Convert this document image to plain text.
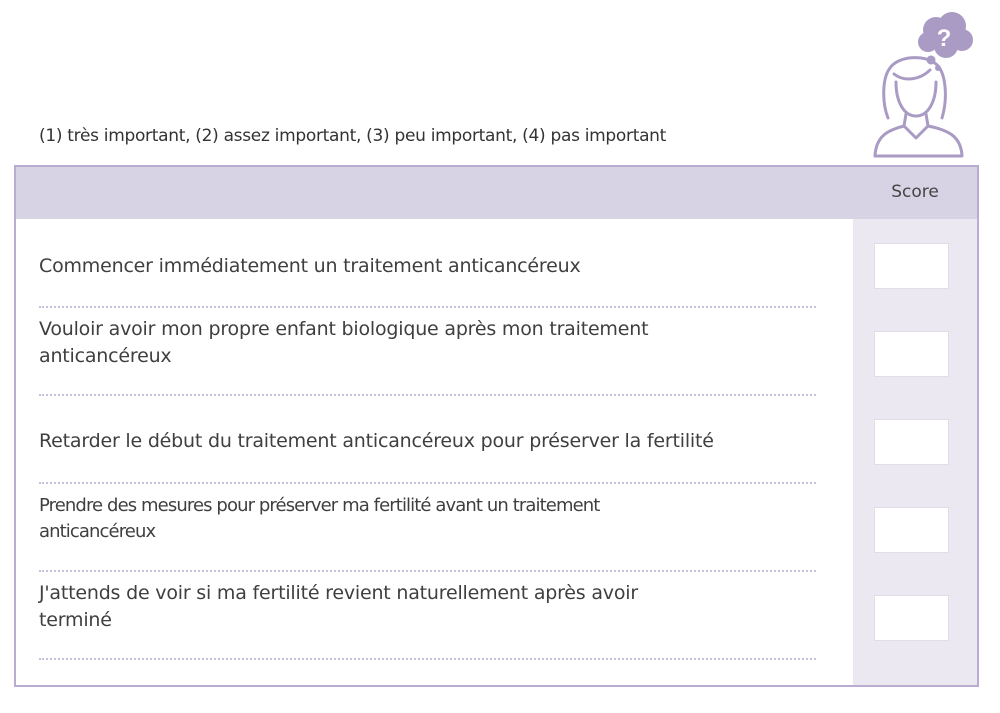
?
(1) très important, (2) assez important, (3) peu important, (4) pas important
Score
Commencer immédiatement un traitement anticancéreux
Vouloir avoir mon propre enfant biologique après mon traitement anticancéreux
Retarder le début du traitement anticancéreux pour préserver la fertilité
Prendre des mesures pour préserver ma fertilité avant un traitement anticancéreux
J'attends de voir si ma fertilité revient naturellement après avoir terminé
